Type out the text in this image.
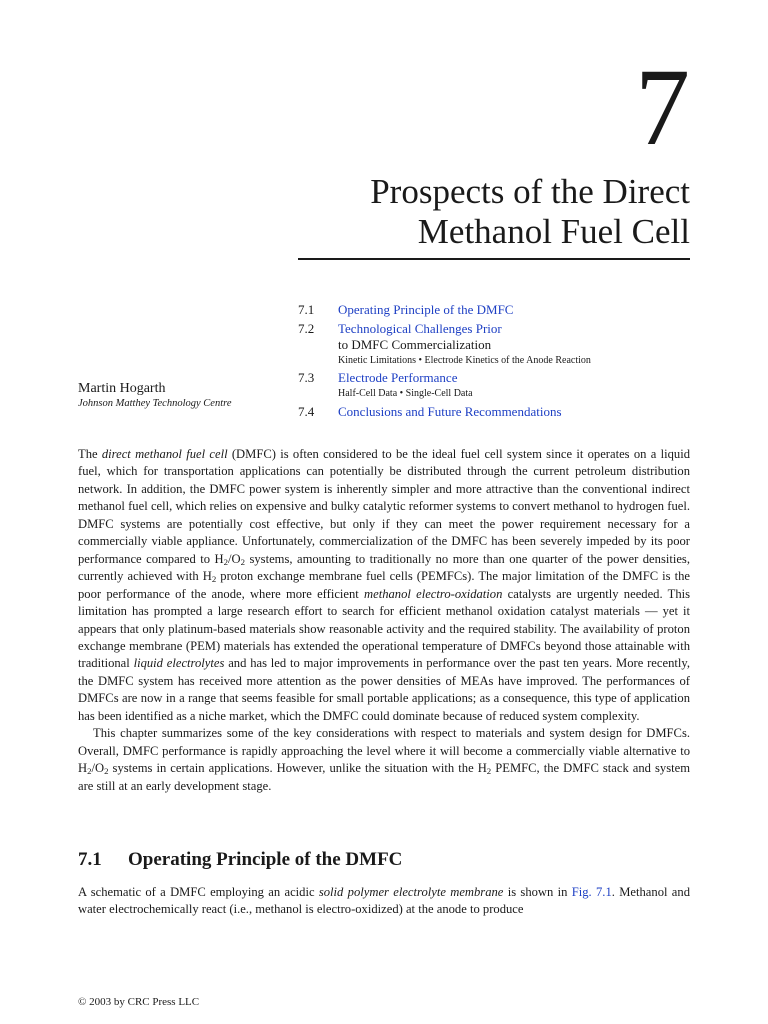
7
Prospects of the Direct
Methanol Fuel Cell
7.1 Operating Principle of the DMFC
7.2 Technological Challenges Prior
to DMFC Commercialization
Kinetic Limitations • Electrode Kinetics of the Anode Reaction
7.3 Electrode Performance
Half-Cell Data • Single-Cell Data
7.4 Conclusions and Future Recommendations
Martin Hogarth
Johnson Matthey Technology Centre

The direct methanol fuel cell (DMFC) is often considered to be the ideal fuel cell system since it operates on a liquid fuel, which for transportation applications can potentially be distributed through the current petroleum distribution network. In addition, the DMFC power system is inherently simpler and more attractive than the conventional indirect methanol fuel cell, which relies on expensive and bulky catalytic reformer systems to convert methanol to hydrogen fuel. DMFC systems are potentially cost effective, but only if they can meet the power requirement necessary for a commercially viable appliance. Unfortunately, commercialization of the DMFC has been severely impeded by its poor performance compared to $H_2/O_2$ systems, amounting to traditionally no more than one quarter of the power densities, currently achieved with $H_2$ proton exchange membrane fuel cells (PEMFCs). The major limitation of the DMFC is the poor performance of the anode, where more efficient methanol electro-oxidation catalysts are urgently needed. This limitation has prompted a large research effort to search for efficient methanol oxidation catalyst materials — yet it appears that only platinum-based materials show reasonable activity and the required stability. The availability of proton exchange membrane (PEM) materials has extended the operational temperature of DMFCs beyond those attainable with traditional liquid electrolytes and has led to major improvements in performance over the past ten years. More recently, the DMFC system has received more attention as the power densities of MEAs have improved. The performances of DMFCs are now in a range that seems feasible for small portable applications; as a consequence, this type of application has been identified as a niche market, which the DMFC could dominate because of reduced system complexity.

This chapter summarizes some of the key considerations with respect to materials and system design for DMFCs. Overall, DMFC performance is rapidly approaching the level where it will become a commercially viable alternative to $H_2/O_2$ systems in certain applications. However, unlike the situation with the $H_2$ PEMFC, the DMFC stack and system are still at an early development stage.

7.1 Operating Principle of the DMFC

A schematic of a DMFC employing an acidic solid polymer electrolyte membrane is shown in Fig. 7.1. Methanol and water electrochemically react (i.e., methanol is electro-oxidized) at the anode to produce

© 2003 by CRC Press LLC
